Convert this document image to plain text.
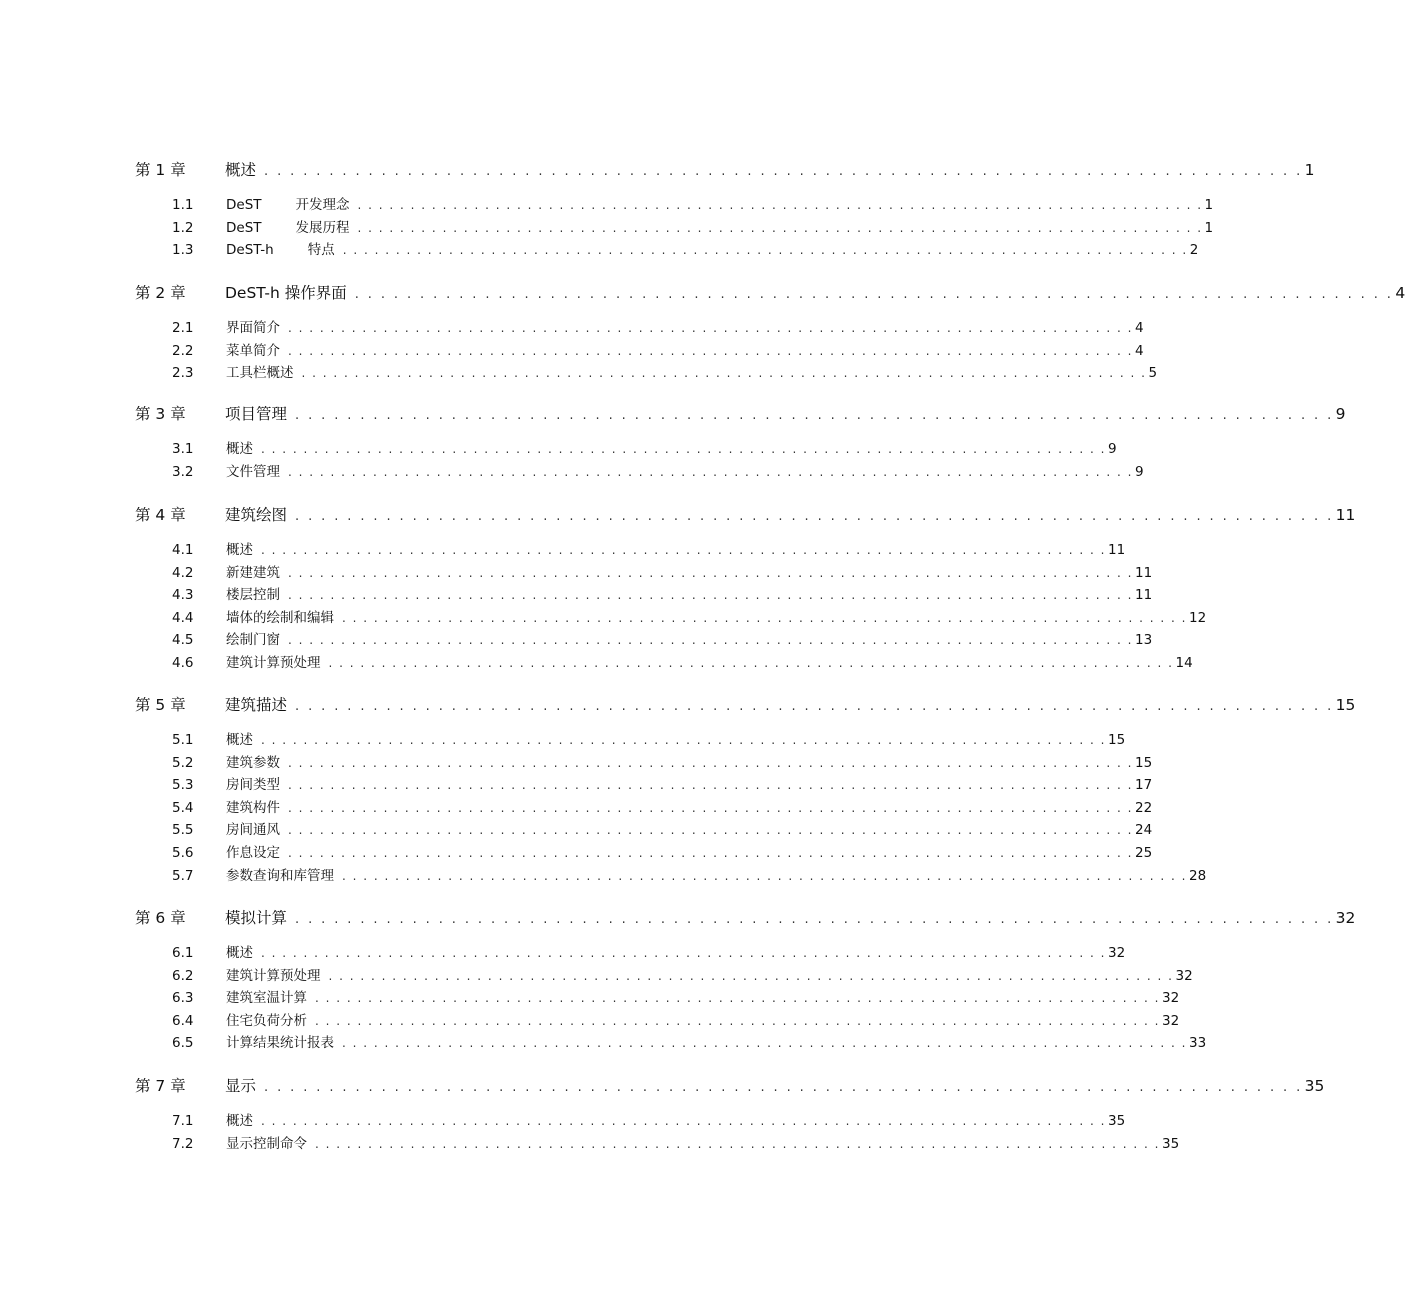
第 1 章	概述 . . . . . . . . . . . . . . . . . . . . . . . . . . . . . . . . . . . . . . . . . . . . . . . . . . . . . . . . . . . . . . . . . . . . . . . . . . . . . . . . 1
1.1	DeST	开发理念 . . . . . . . . . . . . . . . . . . . . . . . . . . . . . . . . . . . . . . . . . . . . . . . . . . . . . . . . . . . . . . . . . . . . . . . . . . . . . . . . 1
1.2	DeST	发展历程 . . . . . . . . . . . . . . . . . . . . . . . . . . . . . . . . . . . . . . . . . . . . . . . . . . . . . . . . . . . . . . . . . . . . . . . . . . . . . . . . 1
1.3	DeST-h	特点 . . . . . . . . . . . . . . . . . . . . . . . . . . . . . . . . . . . . . . . . . . . . . . . . . . . . . . . . . . . . . . . . . . . . . . . . . . . . . . . . 2
第 2 章	DeST-h 操作界面 . . . . . . . . . . . . . . . . . . . . . . . . . . . . . . . . . . . . . . . . . . . . . . . . . . . . . . . . . . . . . . . . . . . . . . . . . . . . . . . . 4
2.1	界面简介 . . . . . . . . . . . . . . . . . . . . . . . . . . . . . . . . . . . . . . . . . . . . . . . . . . . . . . . . . . . . . . . . . . . . . . . . . . . . . . . . 4
2.2	菜单简介 . . . . . . . . . . . . . . . . . . . . . . . . . . . . . . . . . . . . . . . . . . . . . . . . . . . . . . . . . . . . . . . . . . . . . . . . . . . . . . . . 4
2.3	工具栏概述 . . . . . . . . . . . . . . . . . . . . . . . . . . . . . . . . . . . . . . . . . . . . . . . . . . . . . . . . . . . . . . . . . . . . . . . . . . . . . . . . 5
第 3 章	项目管理 . . . . . . . . . . . . . . . . . . . . . . . . . . . . . . . . . . . . . . . . . . . . . . . . . . . . . . . . . . . . . . . . . . . . . . . . . . . . . . . . 9
3.1	概述 . . . . . . . . . . . . . . . . . . . . . . . . . . . . . . . . . . . . . . . . . . . . . . . . . . . . . . . . . . . . . . . . . . . . . . . . . . . . . . . . 9
3.2	文件管理 . . . . . . . . . . . . . . . . . . . . . . . . . . . . . . . . . . . . . . . . . . . . . . . . . . . . . . . . . . . . . . . . . . . . . . . . . . . . . . . . 9
第 4 章	建筑绘图 . . . . . . . . . . . . . . . . . . . . . . . . . . . . . . . . . . . . . . . . . . . . . . . . . . . . . . . . . . . . . . . . . . . . . . . . . . . . . . . . 11
4.1	概述 . . . . . . . . . . . . . . . . . . . . . . . . . . . . . . . . . . . . . . . . . . . . . . . . . . . . . . . . . . . . . . . . . . . . . . . . . . . . . . . . 11
4.2	新建建筑 . . . . . . . . . . . . . . . . . . . . . . . . . . . . . . . . . . . . . . . . . . . . . . . . . . . . . . . . . . . . . . . . . . . . . . . . . . . . . . . . 11
4.3	楼层控制 . . . . . . . . . . . . . . . . . . . . . . . . . . . . . . . . . . . . . . . . . . . . . . . . . . . . . . . . . . . . . . . . . . . . . . . . . . . . . . . . 11
4.4	墙体的绘制和编辑 . . . . . . . . . . . . . . . . . . . . . . . . . . . . . . . . . . . . . . . . . . . . . . . . . . . . . . . . . . . . . . . . . . . . . . . . . . . . . . . . 12
4.5	绘制门窗 . . . . . . . . . . . . . . . . . . . . . . . . . . . . . . . . . . . . . . . . . . . . . . . . . . . . . . . . . . . . . . . . . . . . . . . . . . . . . . . . 13
4.6	建筑计算预处理 . . . . . . . . . . . . . . . . . . . . . . . . . . . . . . . . . . . . . . . . . . . . . . . . . . . . . . . . . . . . . . . . . . . . . . . . . . . . . . . . 14
第 5 章	建筑描述 . . . . . . . . . . . . . . . . . . . . . . . . . . . . . . . . . . . . . . . . . . . . . . . . . . . . . . . . . . . . . . . . . . . . . . . . . . . . . . . . 15
5.1	概述 . . . . . . . . . . . . . . . . . . . . . . . . . . . . . . . . . . . . . . . . . . . . . . . . . . . . . . . . . . . . . . . . . . . . . . . . . . . . . . . . 15
5.2	建筑参数 . . . . . . . . . . . . . . . . . . . . . . . . . . . . . . . . . . . . . . . . . . . . . . . . . . . . . . . . . . . . . . . . . . . . . . . . . . . . . . . . 15
5.3	房间类型 . . . . . . . . . . . . . . . . . . . . . . . . . . . . . . . . . . . . . . . . . . . . . . . . . . . . . . . . . . . . . . . . . . . . . . . . . . . . . . . . 17
5.4	建筑构件 . . . . . . . . . . . . . . . . . . . . . . . . . . . . . . . . . . . . . . . . . . . . . . . . . . . . . . . . . . . . . . . . . . . . . . . . . . . . . . . . 22
5.5	房间通风 . . . . . . . . . . . . . . . . . . . . . . . . . . . . . . . . . . . . . . . . . . . . . . . . . . . . . . . . . . . . . . . . . . . . . . . . . . . . . . . . 24
5.6	作息设定 . . . . . . . . . . . . . . . . . . . . . . . . . . . . . . . . . . . . . . . . . . . . . . . . . . . . . . . . . . . . . . . . . . . . . . . . . . . . . . . . 25
5.7	参数查询和库管理 . . . . . . . . . . . . . . . . . . . . . . . . . . . . . . . . . . . . . . . . . . . . . . . . . . . . . . . . . . . . . . . . . . . . . . . . . . . . . . . . 28
第 6 章	模拟计算 . . . . . . . . . . . . . . . . . . . . . . . . . . . . . . . . . . . . . . . . . . . . . . . . . . . . . . . . . . . . . . . . . . . . . . . . . . . . . . . . 32
6.1	概述 . . . . . . . . . . . . . . . . . . . . . . . . . . . . . . . . . . . . . . . . . . . . . . . . . . . . . . . . . . . . . . . . . . . . . . . . . . . . . . . . 32
6.2	建筑计算预处理 . . . . . . . . . . . . . . . . . . . . . . . . . . . . . . . . . . . . . . . . . . . . . . . . . . . . . . . . . . . . . . . . . . . . . . . . . . . . . . . . 32
6.3	建筑室温计算 . . . . . . . . . . . . . . . . . . . . . . . . . . . . . . . . . . . . . . . . . . . . . . . . . . . . . . . . . . . . . . . . . . . . . . . . . . . . . . . . 32
6.4	住宅负荷分析 . . . . . . . . . . . . . . . . . . . . . . . . . . . . . . . . . . . . . . . . . . . . . . . . . . . . . . . . . . . . . . . . . . . . . . . . . . . . . . . . 32
6.5	计算结果统计报表 . . . . . . . . . . . . . . . . . . . . . . . . . . . . . . . . . . . . . . . . . . . . . . . . . . . . . . . . . . . . . . . . . . . . . . . . . . . . . . . . 33
第 7 章	显示 . . . . . . . . . . . . . . . . . . . . . . . . . . . . . . . . . . . . . . . . . . . . . . . . . . . . . . . . . . . . . . . . . . . . . . . . . . . . . . . . 35
7.1	概述 . . . . . . . . . . . . . . . . . . . . . . . . . . . . . . . . . . . . . . . . . . . . . . . . . . . . . . . . . . . . . . . . . . . . . . . . . . . . . . . . 35
7.2	显示控制命令 . . . . . . . . . . . . . . . . . . . . . . . . . . . . . . . . . . . . . . . . . . . . . . . . . . . . . . . . . . . . . . . . . . . . . . . . . . . . . . . . 35
